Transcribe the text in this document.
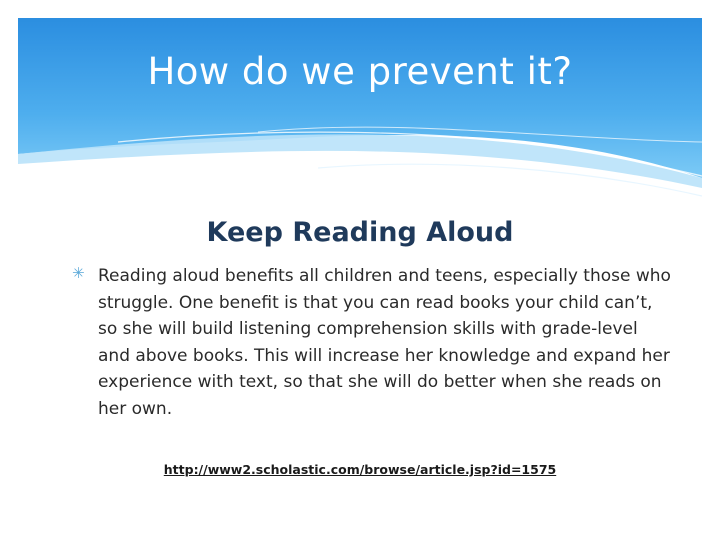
How do we prevent it?
Keep Reading Aloud
✳ Reading aloud benefits all children and teens, especially those who struggle. One benefit is that you can read books your child can’t, so she will build listening comprehension skills with grade-level and above books. This will increase her knowledge and expand her experience with text, so that she will do better when she reads on her own.

http://www2.scholastic.com/browse/article.jsp?id=1575
